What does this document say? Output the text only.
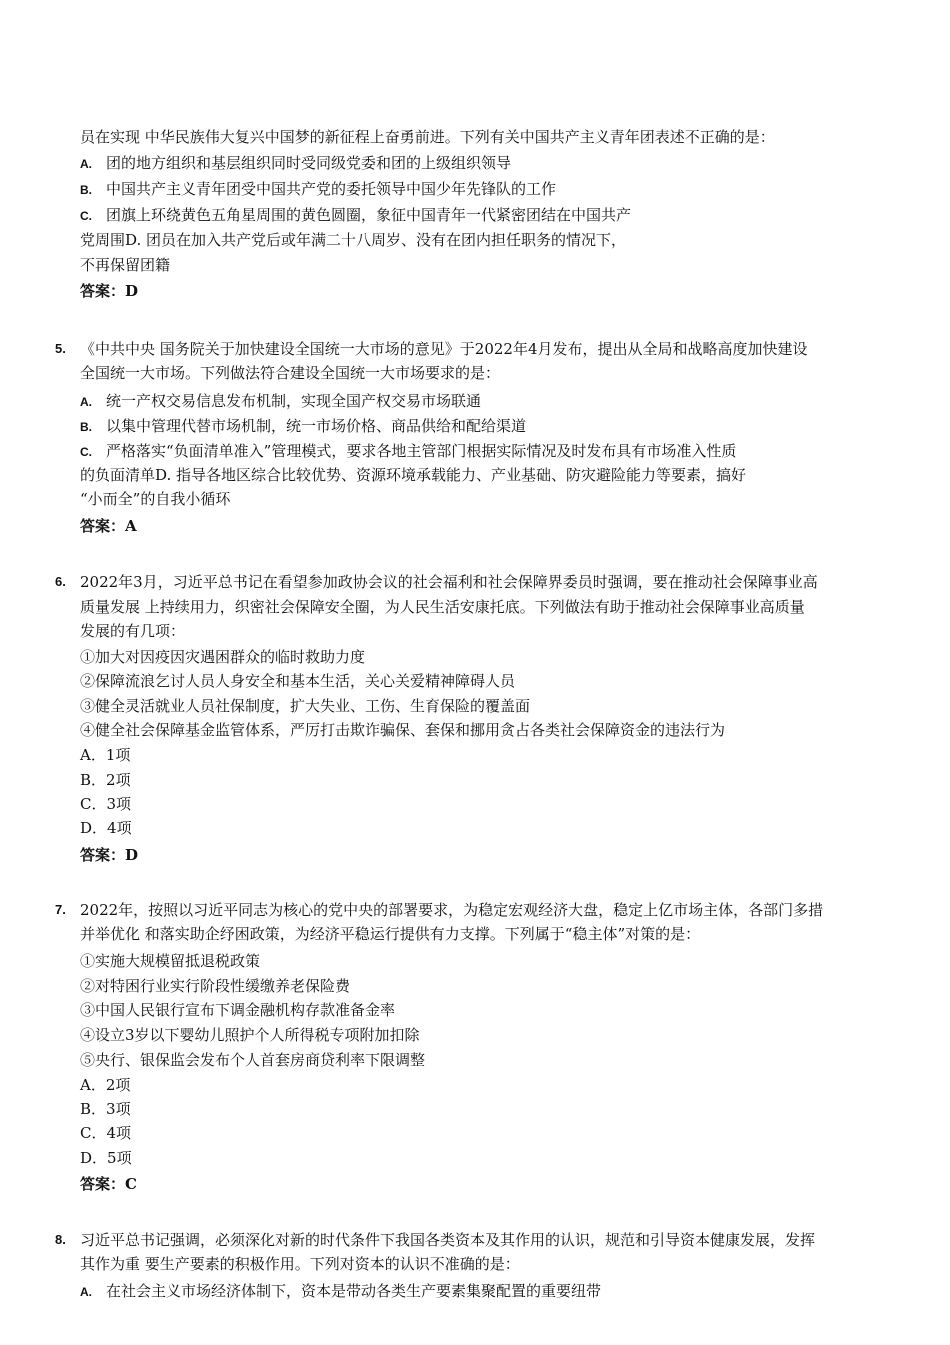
员在实现 中华民族伟大复兴中国梦的新征程上奋勇前进。下列有关中国共产主义青年团表述不正确的是：
A. 团的地方组织和基层组织同时受同级党委和团的上级组织领导
B. 中国共产主义青年团受中国共产党的委托领导中国少年先锋队的工作
C. 团旗上环绕黄色五角星周围的黄色圆圈，象征中国青年一代紧密团结在中国共产
党周围D. 团员在加入共产党后或年满二十八周岁、没有在团内担任职务的情况下，
不再保留团籍
答案：D
5. 《中共中央 国务院关于加快建设全国统一大市场的意见》于2022年4月发布，提出从全局和战略高度加快建设
全国统一大市场。下列做法符合建设全国统一大市场要求的是：
A. 统一产权交易信息发布机制，实现全国产权交易市场联通
B. 以集中管理代替市场机制，统一市场价格、商品供给和配给渠道
C. 严格落实“负面清单准入”管理模式，要求各地主管部门根据实际情况及时发布具有市场准入性质
的负面清单D. 指导各地区综合比较优势、资源环境承载能力、产业基础、防灾避险能力等要素，搞好
“小而全”的自我小循环
答案：A
6. 2022年3月，习近平总书记在看望参加政协会议的社会福利和社会保障界委员时强调，要在推动社会保障事业高
质量发展 上持续用力，织密社会保障安全圈，为人民生活安康托底。下列做法有助于推动社会保障事业高质量
发展的有几项：
①加大对因疫因灾遇困群众的临时救助力度
②保障流浪乞讨人员人身安全和基本生活，关心关爱精神障碍人员
③健全灵活就业人员社保制度，扩大失业、工伤、生育保险的覆盖面
④健全社会保障基金监管体系，严厉打击欺诈骗保、套保和挪用贪占各类社会保障资金的违法行为
A．1项
B．2项
C．3项
D．4项
答案：D
7. 2022年，按照以习近平同志为核心的党中央的部署要求，为稳定宏观经济大盘，稳定上亿市场主体，各部门多措
并举优化 和落实助企纾困政策，为经济平稳运行提供有力支撑。下列属于“稳主体”对策的是：
①实施大规模留抵退税政策
②对特困行业实行阶段性缓缴养老保险费
③中国人民银行宣布下调金融机构存款准备金率
④设立3岁以下婴幼儿照护个人所得税专项附加扣除
⑤央行、银保监会发布个人首套房商贷利率下限调整
A．2项
B．3项
C．4项
D．5项
答案：C
8. 习近平总书记强调，必须深化对新的时代条件下我国各类资本及其作用的认识，规范和引导资本健康发展，发挥
其作为重 要生产要素的积极作用。下列对资本的认识不准确的是：
A. 在社会主义市场经济体制下，资本是带动各类生产要素集聚配置的重要纽带
